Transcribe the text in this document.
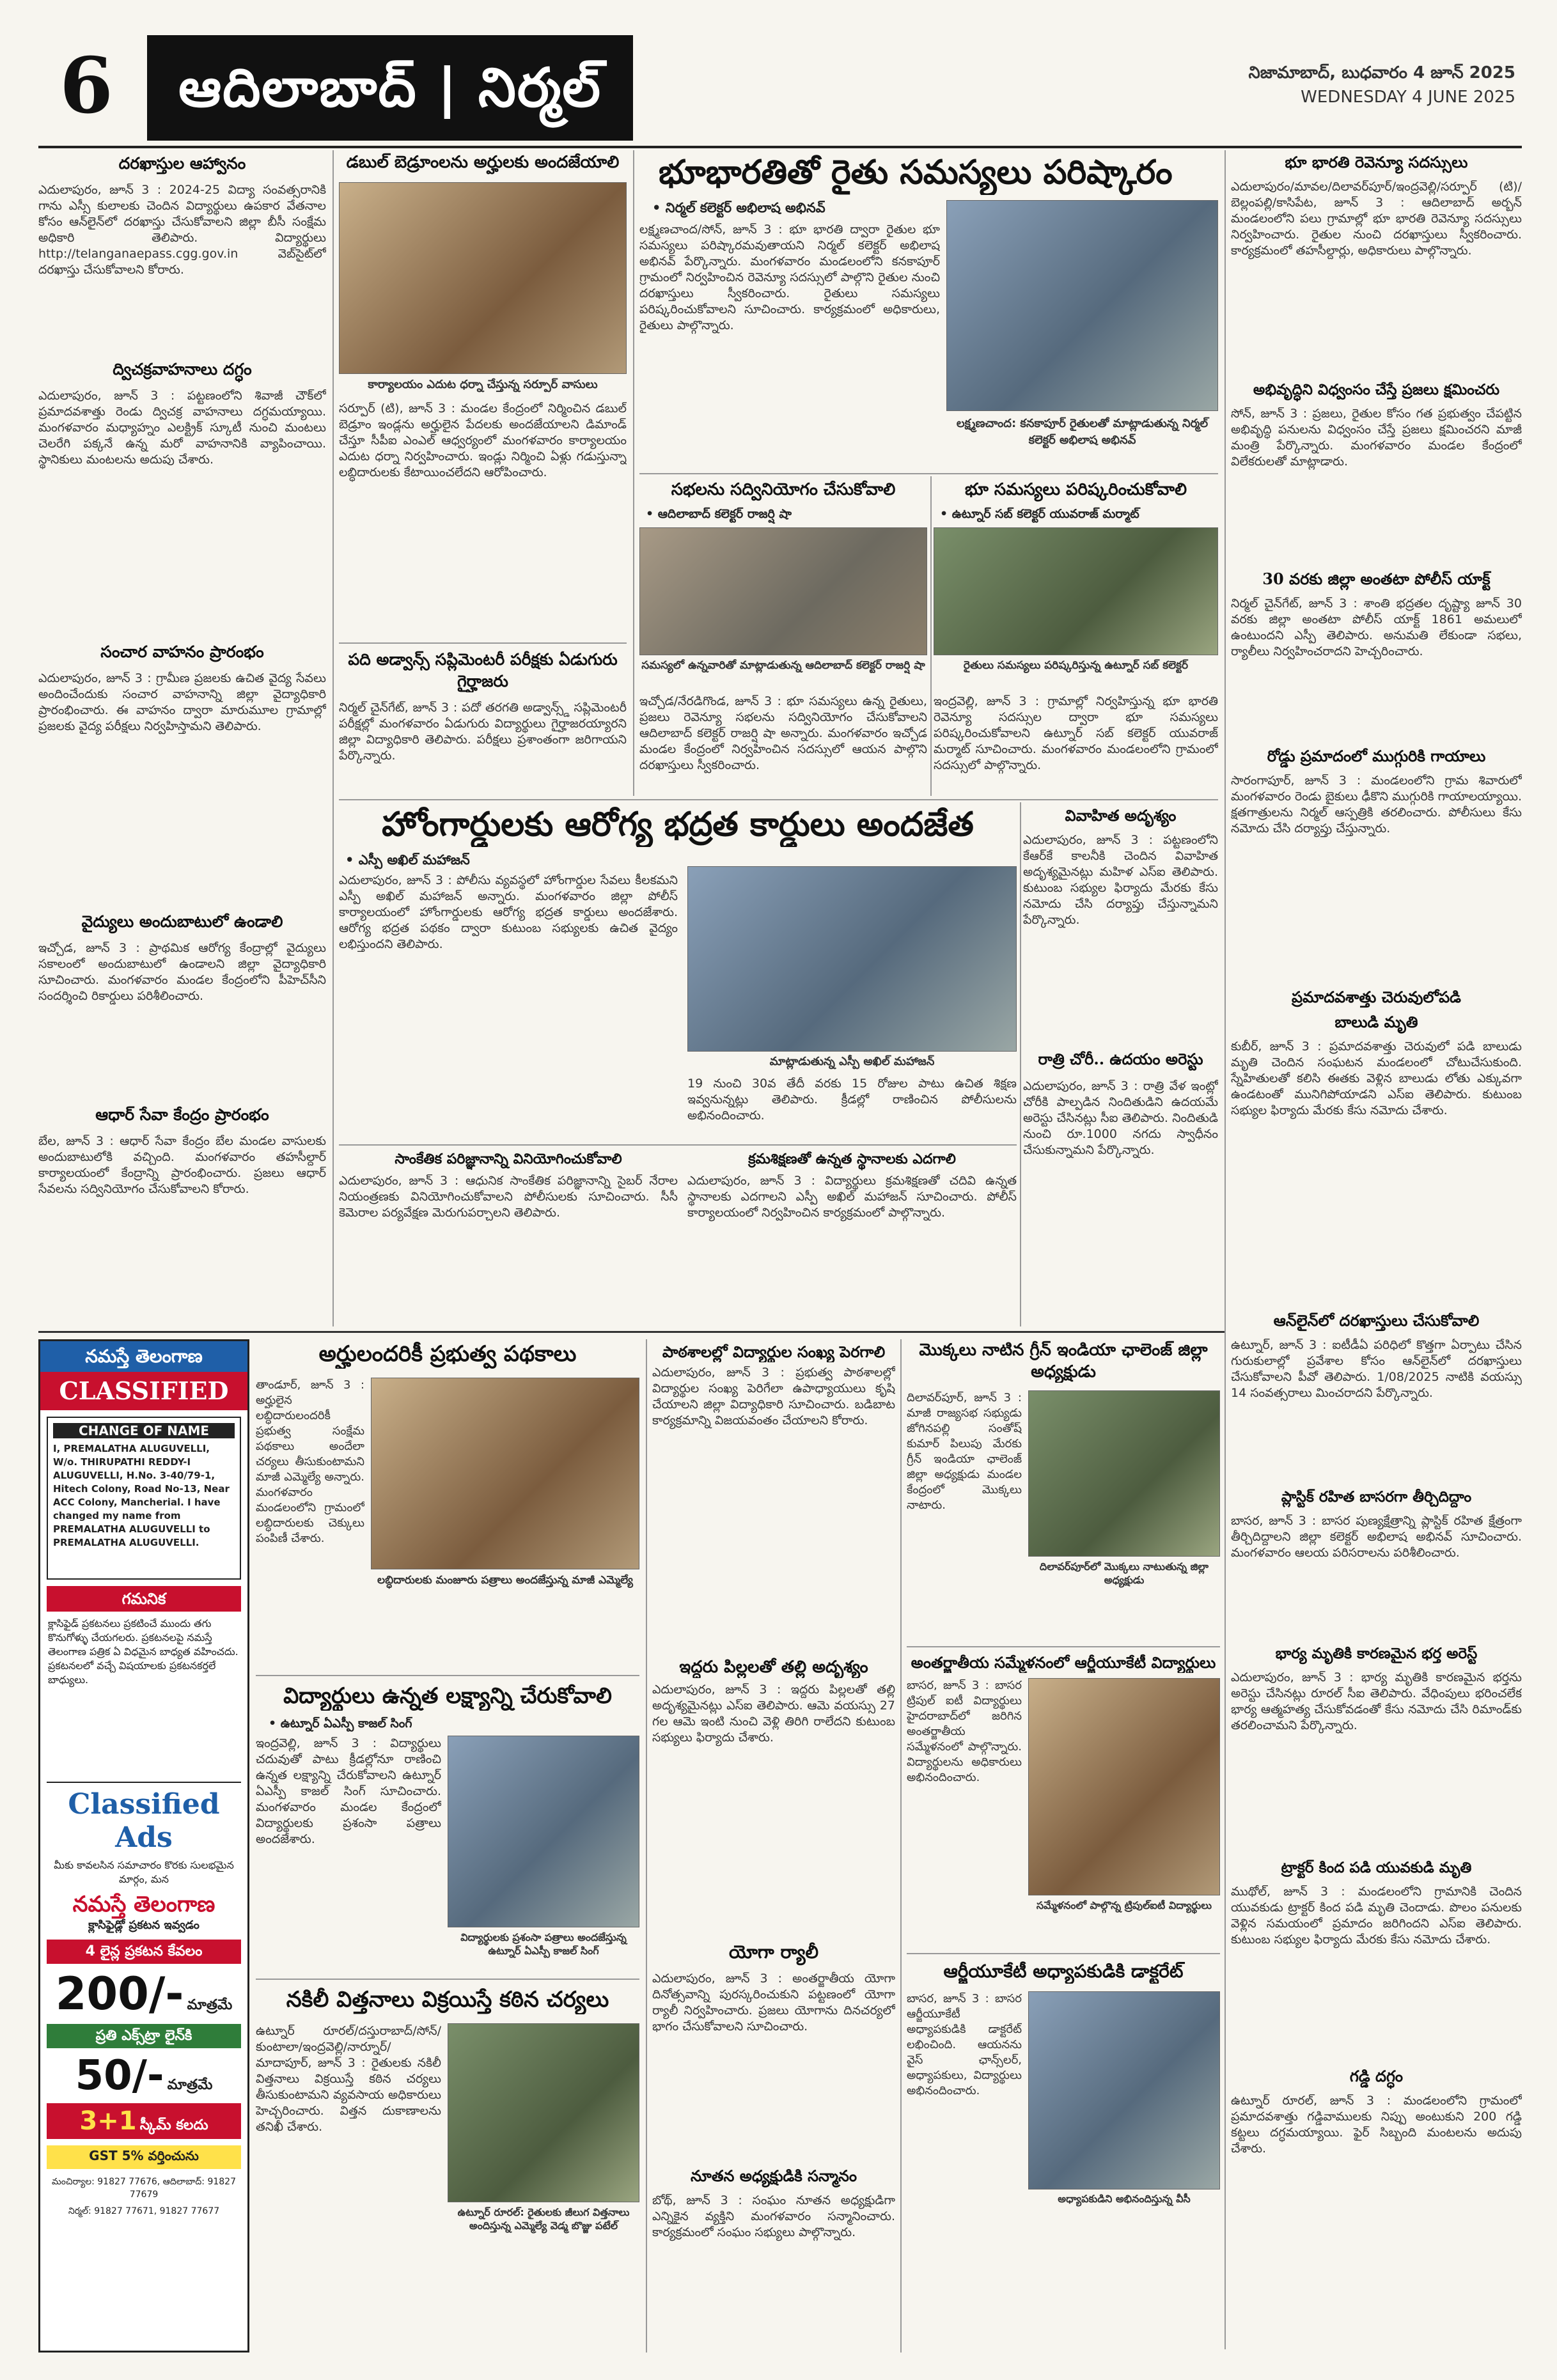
6	ఆదిలాబాద్ | నిర్మల్	నిజామాబాద్, బుధవారం 4 జూన్ 2025
WEDNESDAY 4 JUNE 2025
దరఖాస్తుల ఆహ్వానం
ఎదులాపురం, జూన్ 3 : 2024-25 విద్యా సంవత్సరానికి గాను ఎస్సీ కులాలకు చెందిన విద్యార్థులు ఉపకార వేతనాల కోసం ఆన్‌లైన్‌లో దరఖాస్తు చేసుకోవాలని జిల్లా బీసీ సంక్షేమ అధికారి తెలిపారు. విద్యార్థులు http://telanganaepass.cgg.gov.in వెబ్‌సైట్‌లో దరఖాస్తు చేసుకోవాలని కోరారు.
ద్విచక్రవాహనాలు దగ్ధం
ఎదులాపురం, జూన్ 3 : పట్టణంలోని శివాజీ చౌక్‌లో ప్రమాదవశాత్తు రెండు ద్విచక్ర వాహనాలు దగ్ధమయ్యాయి. మంగళవారం మధ్యాహ్నం ఎలక్ట్రిక్ స్కూటీ నుంచి మంటలు చెలరేగి పక్కనే ఉన్న మరో వాహనానికి వ్యాపించాయి. స్థానికులు మంటలను అదుపు చేశారు.
సంచార వాహనం ప్రారంభం
ఎదులాపురం, జూన్ 3 : గ్రామీణ ప్రజలకు ఉచిత వైద్య సేవలు అందించేందుకు సంచార వాహనాన్ని జిల్లా వైద్యాధికారి ప్రారంభించారు. ఈ వాహనం ద్వారా మారుమూల గ్రామాల్లో ప్రజలకు వైద్య పరీక్షలు నిర్వహిస్తామని తెలిపారు.
వైద్యులు అందుబాటులో ఉండాలి
ఇచ్చోడ, జూన్ 3 : ప్రాథమిక ఆరోగ్య కేంద్రాల్లో వైద్యులు సకాలంలో అందుబాటులో ఉండాలని జిల్లా వైద్యాధికారి సూచించారు. మంగళవారం మండల కేంద్రంలోని పీహెచ్‌సీని సందర్శించి రికార్డులు పరిశీలించారు.
ఆధార్ సేవా కేంద్రం ప్రారంభం
బేల, జూన్ 3 : ఆధార్ సేవా కేంద్రం బేల మండల వాసులకు అందుబాటులోకి వచ్చింది. మంగళవారం తహసీల్దార్ కార్యాలయంలో కేంద్రాన్ని ప్రారంభించారు. ప్రజలు ఆధార్ సేవలను సద్వినియోగం చేసుకోవాలని కోరారు.
డబుల్ బెడ్రూంలను అర్హులకు అందజేయాలి
కార్యాలయం ఎదుట ధర్నా చేస్తున్న సర్పూర్ వాసులు
సర్పూర్ (టి), జూన్ 3 : మండల కేంద్రంలో నిర్మించిన డబుల్ బెడ్రూం ఇండ్లను అర్హులైన పేదలకు అందజేయాలని డిమాండ్ చేస్తూ సీపీఐ ఎంఎల్ ఆధ్వర్యంలో మంగళవారం కార్యాలయం ఎదుట ధర్నా నిర్వహించారు. ఇండ్లు నిర్మించి ఏళ్లు గడుస్తున్నా లబ్ధిదారులకు కేటాయించలేదని ఆరోపించారు.
పది అడ్వాన్స్ సప్లిమెంటరీ పరీక్షకు ఏడుగురు గైర్హాజరు
నిర్మల్ చైన్‌గేట్, జూన్ 3 : పదో తరగతి అడ్వాన్స్డ్ సప్లిమెంటరీ పరీక్షల్లో మంగళవారం ఏడుగురు విద్యార్థులు గైర్హాజరయ్యారని జిల్లా విద్యాధికారి తెలిపారు. పరీక్షలు ప్రశాంతంగా జరిగాయని పేర్కొన్నారు.
భూభారతితో రైతు సమస్యలు పరిష్కారం
• నిర్మల్ కలెక్టర్ అభిలాష అభినవ్
లక్ష్మణచాంద/సోన్, జూన్ 3 : భూ భారతి ద్వారా రైతుల భూ సమస్యలు పరిష్కారమవుతాయని నిర్మల్ కలెక్టర్ అభిలాష అభినవ్ పేర్కొన్నారు. మంగళవారం మండలంలోని కనకాపూర్ గ్రామంలో నిర్వహించిన రెవెన్యూ సదస్సులో పాల్గొని రైతుల నుంచి దరఖాస్తులు స్వీకరించారు. రైతులు సమస్యలు పరిష్కరించుకోవాలని సూచించారు. కార్యక్రమంలో అధికారులు, రైతులు పాల్గొన్నారు.
లక్ష్మణచాంద: కనకాపూర్ రైతులతో మాట్లాడుతున్న నిర్మల్ కలెక్టర్ అభిలాష అభినవ్
సభలను సద్వినియోగం చేసుకోవాలి
• ఆదిలాబాద్ కలెక్టర్ రాజర్షి షా
సమస్యలో ఉన్నవారితో మాట్లాడుతున్న ఆదిలాబాద్ కలెక్టర్ రాజర్షి షా
ఇచ్చోడ/నేరడిగొండ, జూన్ 3 : భూ సమస్యలు ఉన్న రైతులు, ప్రజలు రెవెన్యూ సభలను సద్వినియోగం చేసుకోవాలని ఆదిలాబాద్ కలెక్టర్ రాజర్షి షా అన్నారు. మంగళవారం ఇచ్చోడ మండల కేంద్రంలో నిర్వహించిన సదస్సులో ఆయన పాల్గొని దరఖాస్తులు స్వీకరించారు.
భూ సమస్యలు పరిష్కరించుకోవాలి
• ఉట్నూర్ సబ్ కలెక్టర్ యువరాజ్ మర్మాట్
రైతులు సమస్యలు పరిష్కరిస్తున్న ఉట్నూర్ సబ్ కలెక్టర్
ఇంద్రవెల్లి, జూన్ 3 : గ్రామాల్లో నిర్వహిస్తున్న భూ భారతి రెవెన్యూ సదస్సుల ద్వారా భూ సమస్యలు పరిష్కరించుకోవాలని ఉట్నూర్ సబ్ కలెక్టర్ యువరాజ్ మర్మాట్ సూచించారు. మంగళవారం మండలంలోని గ్రామంలో సదస్సులో పాల్గొన్నారు.
హోంగార్డులకు ఆరోగ్య భద్రత కార్డులు అందజేత
• ఎస్పీ అఖిల్ మహాజన్
ఎదులాపురం, జూన్ 3 : పోలీసు వ్యవస్థలో హోంగార్డుల సేవలు కీలకమని ఎస్పీ అఖిల్ మహాజన్ అన్నారు. మంగళవారం జిల్లా పోలీస్ కార్యాలయంలో హోంగార్డులకు ఆరోగ్య భద్రత కార్డులు అందజేశారు. ఆరోగ్య భద్రత పథకం ద్వారా కుటుంబ సభ్యులకు ఉచిత వైద్యం లభిస్తుందని తెలిపారు.
మాట్లాడుతున్న ఎస్పీ అఖిల్ మహాజన్
19 నుంచి 30వ తేదీ వరకు 15 రోజుల పాటు ఉచిత శిక్షణ ఇవ్వనున్నట్లు తెలిపారు. క్రీడల్లో రాణించిన పోలీసులను అభినందించారు.
సాంకేతిక పరిజ్ఞానాన్ని వినియోగించుకోవాలి
ఎదులాపురం, జూన్ 3 : ఆధునిక సాంకేతిక పరిజ్ఞానాన్ని సైబర్ నేరాల నియంత్రణకు వినియోగించుకోవాలని పోలీసులకు సూచించారు. సీసీ కెమెరాల పర్యవేక్షణ మెరుగుపర్చాలని తెలిపారు.
క్రమశిక్షణతో ఉన్నత స్థానాలకు ఎదగాలి
ఎదులాపురం, జూన్ 3 : విద్యార్థులు క్రమశిక్షణతో చదివి ఉన్నత స్థానాలకు ఎదగాలని ఎస్పీ అఖిల్ మహాజన్ సూచించారు. పోలీస్ కార్యాలయంలో నిర్వహించిన కార్యక్రమంలో పాల్గొన్నారు.
వివాహిత అదృశ్యం
ఎదులాపురం, జూన్ 3 : పట్టణంలోని కేఆర్‌కే కాలనీకి చెందిన వివాహిత అదృశ్యమైనట్లు మహిళ ఎస్ఐ తెలిపారు. కుటుంబ సభ్యుల ఫిర్యాదు మేరకు కేసు నమోదు చేసి దర్యాప్తు చేస్తున్నామని పేర్కొన్నారు.
రాత్రి చోరీ.. ఉదయం అరెస్టు
ఎదులాపురం, జూన్ 3 : రాత్రి వేళ ఇంట్లో చోరీకి పాల్పడిన నిందితుడిని ఉదయమే అరెస్టు చేసినట్లు సీఐ తెలిపారు. నిందితుడి నుంచి రూ.1000 నగదు స్వాధీనం చేసుకున్నామని పేర్కొన్నారు.
భూ భారతి రెవెన్యూ సదస్సులు
ఎదులాపురం/మావల/దిలావర్‌పూర్/ఇంద్రవెల్లి/సర్పూర్ (టి)/బెల్లంపల్లి/కాసిపేట, జూన్ 3 : ఆదిలాబాద్ అర్బన్ మండలంలోని పలు గ్రామాల్లో భూ భారతి రెవెన్యూ సదస్సులు నిర్వహించారు. రైతుల నుంచి దరఖాస్తులు స్వీకరించారు. కార్యక్రమంలో తహసీల్దార్లు, అధికారులు పాల్గొన్నారు.
అభివృద్ధిని విధ్వంసం చేస్తే ప్రజలు క్షమించరు
సోన్, జూన్ 3 : ప్రజలు, రైతుల కోసం గత ప్రభుత్వం చేపట్టిన అభివృద్ధి పనులను విధ్వంసం చేస్తే ప్రజలు క్షమించరని మాజీ మంత్రి పేర్కొన్నారు. మంగళవారం మండల కేంద్రంలో విలేకరులతో మాట్లాడారు.
30 వరకు జిల్లా అంతటా పోలీస్ యాక్ట్
నిర్మల్ చైన్‌గేట్, జూన్ 3 : శాంతి భద్రతల దృష్ట్యా జూన్ 30 వరకు జిల్లా అంతటా పోలీస్ యాక్ట్ 1861 అమలులో ఉంటుందని ఎస్పీ తెలిపారు. అనుమతి లేకుండా సభలు, ర్యాలీలు నిర్వహించరాదని హెచ్చరించారు.
రోడ్డు ప్రమాదంలో ముగ్గురికి గాయాలు
సారంగాపూర్, జూన్ 3 : మండలంలోని గ్రామ శివారులో మంగళవారం రెండు బైకులు ఢీకొని ముగ్గురికి గాయాలయ్యాయి. క్షతగాత్రులను నిర్మల్ ఆస్పత్రికి తరలించారు. పోలీసులు కేసు నమోదు చేసి దర్యాప్తు చేస్తున్నారు.
ప్రమాదవశాత్తు చెరువులోపడి
బాలుడి మృతి
కుబీర్, జూన్ 3 : ప్రమాదవశాత్తు చెరువులో పడి బాలుడు మృతి చెందిన సంఘటన మండలంలో చోటుచేసుకుంది. స్నేహితులతో కలిసి ఈతకు వెళ్లిన బాలుడు లోతు ఎక్కువగా ఉండటంతో మునిగిపోయాడని ఎస్ఐ తెలిపారు. కుటుంబ సభ్యుల ఫిర్యాదు మేరకు కేసు నమోదు చేశారు.
ఆన్‌లైన్‌లో దరఖాస్తులు చేసుకోవాలి
ఉట్నూర్, జూన్ 3 : ఐటీడీఏ పరిధిలో కొత్తగా ఏర్పాటు చేసిన గురుకులాల్లో ప్రవేశాల కోసం ఆన్‌లైన్‌లో దరఖాస్తులు చేసుకోవాలని పీవో తెలిపారు. 1/08/2025 నాటికి వయస్సు 14 సంవత్సరాలు మించరాదని పేర్కొన్నారు.
ప్లాస్టిక్ రహిత బాసరగా తీర్చిదిద్దాం
బాసర, జూన్ 3 : బాసర పుణ్యక్షేత్రాన్ని ప్లాస్టిక్ రహిత క్షేత్రంగా తీర్చిదిద్దాలని జిల్లా కలెక్టర్ అభిలాష అభినవ్ సూచించారు. మంగళవారం ఆలయ పరిసరాలను పరిశీలించారు.
భార్య మృతికి కారణమైన భర్త అరెస్ట్
ఎదులాపురం, జూన్ 3 : భార్య మృతికి కారణమైన భర్తను అరెస్టు చేసినట్లు రూరల్ సీఐ తెలిపారు. వేధింపులు భరించలేక భార్య ఆత్మహత్య చేసుకోవడంతో కేసు నమోదు చేసి రిమాండ్‌కు తరలించామని పేర్కొన్నారు.
ట్రాక్టర్ కింద పడి యువకుడి మృతి
ముథోల్, జూన్ 3 : మండలంలోని గ్రామానికి చెందిన యువకుడు ట్రాక్టర్ కింద పడి మృతి చెందాడు. పొలం పనులకు వెళ్లిన సమయంలో ప్రమాదం జరిగిందని ఎస్ఐ తెలిపారు. కుటుంబ సభ్యుల ఫిర్యాదు మేరకు కేసు నమోదు చేశారు.
గడ్డి దగ్ధం
ఉట్నూర్ రూరల్, జూన్ 3 : మండలంలోని గ్రామంలో ప్రమాదవశాత్తు గడ్డివాములకు నిప్పు అంటుకుని 200 గడ్డి కట్టలు దగ్ధమయ్యాయి. ఫైర్ సిబ్బంది మంటలను అదుపు చేశారు.
నమస్తే తెలంగాణ
CLASSIFIED
CHANGE OF NAME
I, PREMALATHA ALUGUVELLI, W/o. THIRUPATHI REDDY-I ALUGUVELLI, H.No. 3-40/79-1, Hitech Colony, Road No-13, Near ACC Colony, Mancherial. I have changed my name from PREMALATHA ALUGUVELLI to PREMALATHA ALUGUVELLI.
గమనిక
క్లాసిఫైడ్ ప్రకటనలు ప్రకటించే ముందు తగు కొనుగోళ్ళు చేయగలరు. ప్రకటనలపై నమస్తే తెలంగాణ పత్రిక ఏ విధమైన బాధ్యత వహించదు. ప్రకటనలలో వచ్చే విషయాలకు ప్రకటనకర్తలే బాధ్యులు.
Classified Ads
మీకు కావలసిన సమాచారం కొరకు సులభమైన మార్గం, మన
నమస్తే తెలంగాణ
క్లాసిఫైడ్లో ప్రకటన ఇవ్వడం
4 లైన్ల ప్రకటన కేవలం
200/- మాత్రమే
ప్రతి ఎక్స్‌ట్రా లైన్‌కి
50/- మాత్రమే
3+1 స్కీమ్ కలదు
GST 5% వర్తించును
మంచిర్యాల: 91827 77676, ఆదిలాబాద్: 91827 77679
నిర్మల్: 91827 77671, 91827 77677
అర్హులందరికీ ప్రభుత్వ పథకాలు
తాండూర్, జూన్ 3 : అర్హులైన లబ్ధిదారులందరికీ ప్రభుత్వ సంక్షేమ పథకాలు అందేలా చర్యలు తీసుకుంటామని మాజీ ఎమ్మెల్యే అన్నారు. మంగళవారం మండలంలోని గ్రామంలో లబ్ధిదారులకు చెక్కులు పంపిణీ చేశారు.
లబ్ధిదారులకు మంజూరు పత్రాలు అందజేస్తున్న మాజీ ఎమ్మెల్యే
విద్యార్థులు ఉన్నత లక్ష్యాన్ని చేరుకోవాలి
• ఉట్నూర్ ఏఎస్పీ కాజల్ సింగ్
ఇంద్రవెల్లి, జూన్ 3 : విద్యార్థులు చదువుతో పాటు క్రీడల్లోనూ రాణించి ఉన్నత లక్ష్యాన్ని చేరుకోవాలని ఉట్నూర్ ఏఎస్పీ కాజల్ సింగ్ సూచించారు. మంగళవారం మండల కేంద్రంలో విద్యార్థులకు ప్రశంసా పత్రాలు అందజేశారు.
విద్యార్థులకు ప్రశంసా పత్రాలు అందజేస్తున్న ఉట్నూర్ ఏఎస్పీ కాజల్ సింగ్
నకిలీ విత్తనాలు విక్రయిస్తే కఠిన చర్యలు
ఉట్నూర్ రూరల్/దస్తురాబాద్/సోన్/కుంటాలా/ఇంద్రవెల్లి/నార్నూర్/మాదాపూర్, జూన్ 3 : రైతులకు నకిలీ విత్తనాలు విక్రయిస్తే కఠిన చర్యలు తీసుకుంటామని వ్యవసాయ అధికారులు హెచ్చరించారు. విత్తన దుకాణాలను తనిఖీ చేశారు.
ఉట్నూర్ రూరల్: రైతులకు జీలుగ విత్తనాలు అందిస్తున్న ఎమ్మెల్యే వెడ్మ బొజ్జు పటేల్
పాఠశాలల్లో విద్యార్థుల సంఖ్య పెరగాలి
ఎదులాపురం, జూన్ 3 : ప్రభుత్వ పాఠశాలల్లో విద్యార్థుల సంఖ్య పెరిగేలా ఉపాధ్యాయులు కృషి చేయాలని జిల్లా విద్యాధికారి సూచించారు. బడిబాట కార్యక్రమాన్ని విజయవంతం చేయాలని కోరారు.
ఇద్దరు పిల్లలతో తల్లి అదృశ్యం
ఎదులాపురం, జూన్ 3 : ఇద్దరు పిల్లలతో తల్లి అదృశ్యమైనట్లు ఎస్ఐ తెలిపారు. ఆమె వయస్సు 27 గల ఆమె ఇంటి నుంచి వెళ్లి తిరిగి రాలేదని కుటుంబ సభ్యులు ఫిర్యాదు చేశారు.
యోగా ర్యాలీ
ఎదులాపురం, జూన్ 3 : అంతర్జాతీయ యోగా దినోత్సవాన్ని పురస్కరించుకుని పట్టణంలో యోగా ర్యాలీ నిర్వహించారు. ప్రజలు యోగాను దినచర్యలో భాగం చేసుకోవాలని సూచించారు.
నూతన అధ్యక్షుడికి సన్మానం
బోథ్, జూన్ 3 : సంఘం నూతన అధ్యక్షుడిగా ఎన్నికైన వ్యక్తిని మంగళవారం సన్మానించారు. కార్యక్రమంలో సంఘం సభ్యులు పాల్గొన్నారు.
మొక్కలు నాటిన గ్రీన్ ఇండియా ఛాలెంజ్ జిల్లా అధ్యక్షుడు
దిలావర్‌పూర్, జూన్ 3 : మాజీ రాజ్యసభ సభ్యుడు జోగినపల్లి సంతోష్ కుమార్ పిలుపు మేరకు గ్రీన్ ఇండియా ఛాలెంజ్ జిల్లా అధ్యక్షుడు మండల కేంద్రంలో మొక్కలు నాటారు.
దిలావర్‌పూర్‌లో మొక్కలు నాటుతున్న జిల్లా అధ్యక్షుడు
అంతర్జాతీయ సమ్మేళనంలో ఆర్జీయూకేటీ విద్యార్థులు
బాసర, జూన్ 3 : బాసర ట్రిపుల్ ఐటీ విద్యార్థులు హైదరాబాద్‌లో జరిగిన అంతర్జాతీయ సమ్మేళనంలో పాల్గొన్నారు. విద్యార్థులను అధికారులు అభినందించారు.
సమ్మేళనంలో పాల్గొన్న ట్రిపుల్ఐటీ విద్యార్థులు
ఆర్జీయూకేటీ అధ్యాపకుడికి డాక్టరేట్
బాసర, జూన్ 3 : బాసర ఆర్జీయూకేటీ అధ్యాపకుడికి డాక్టరేట్ లభించింది. ఆయనను వైస్ ఛాన్స్‌లర్, అధ్యాపకులు, విద్యార్థులు అభినందించారు.
అధ్యాపకుడిని అభినందిస్తున్న వీసీ
